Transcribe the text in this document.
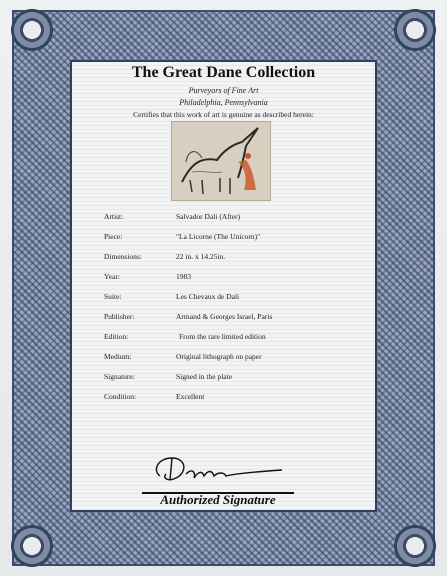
The Great Dane Collection
Purveyors of Fine Art
Philadelphia, Pennsylvania
Certifies that this work of art is genuine as described herein:
Artist:	Salvador Dali (After)
Piece:	"La Licorne (The Unicorn)"
Dimensions:	22 in. x 14.25in.
Year:	1983
Suite:	Les Chevaux de Dali
Publisher:	Armand & Georges Israel, Paris
Edition:	From the rare limited edition
Medium:	Original lithograph on paper
Signature:	Signed in the plate
Condition:	Excellent
Authorized Signature
